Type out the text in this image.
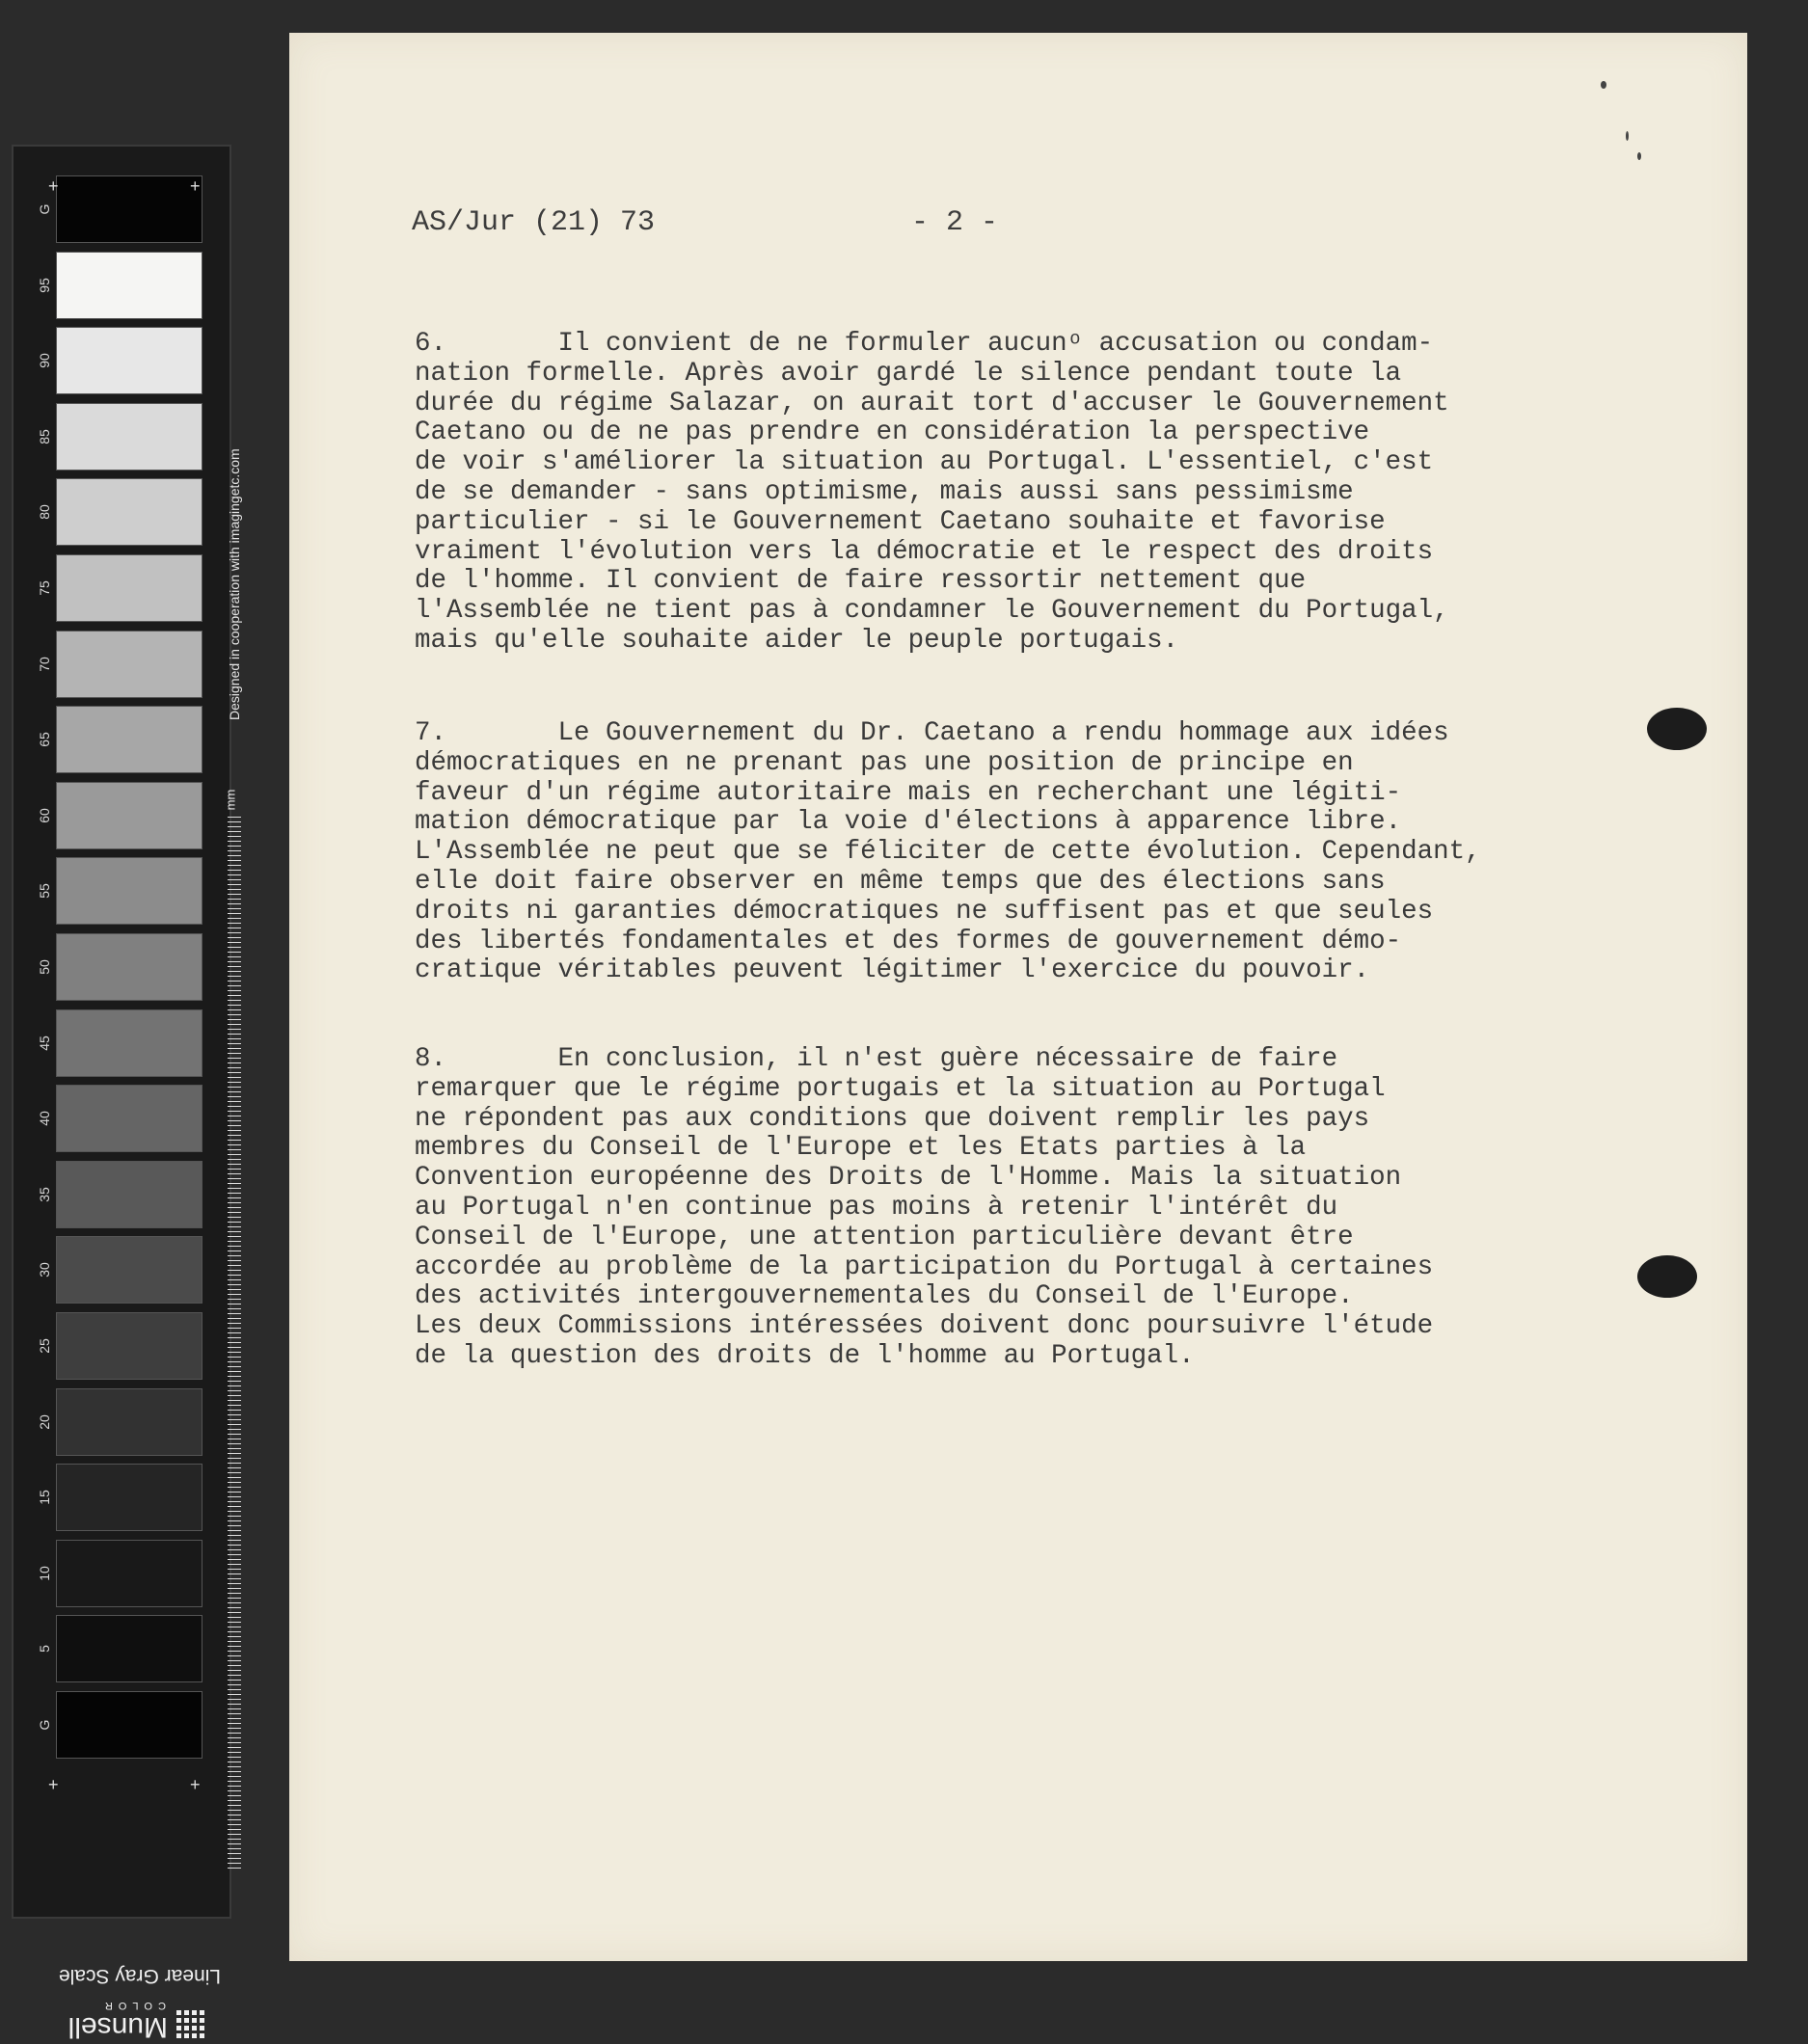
G
95
90
85
80
75
70
65
60
55
50
45
40
35
30
25
20
15
10
5
G
Designed in cooperation with imagingetc.com
mm
+	+
+	+
Linear Gray Scale
Munsell
COLOR
AS/Jur (21) 73	- 2 -
6.       Il convient de ne formuler aucunᵒ accusation ou condam-
nation formelle. Après avoir gardé le silence pendant toute la
durée du régime Salazar, on aurait tort d'accuser le Gouvernement
Caetano ou de ne pas prendre en considération la perspective
de voir s'améliorer la situation au Portugal. L'essentiel, c'est
de se demander - sans optimisme, mais aussi sans pessimisme
particulier - si le Gouvernement Caetano souhaite et favorise
vraiment l'évolution vers la démocratie et le respect des droits
de l'homme. Il convient de faire ressortir nettement que
l'Assemblée ne tient pas à condamner le Gouvernement du Portugal,
mais qu'elle souhaite aider le peuple portugais.
7.       Le Gouvernement du Dr. Caetano a rendu hommage aux idées
démocratiques en ne prenant pas une position de principe en
faveur d'un régime autoritaire mais en recherchant une légiti-
mation démocratique par la voie d'élections à apparence libre.
L'Assemblée ne peut que se féliciter de cette évolution. Cependant,
elle doit faire observer en même temps que des élections sans
droits ni garanties démocratiques ne suffisent pas et que seules
des libertés fondamentales et des formes de gouvernement démo-
cratique véritables peuvent légitimer l'exercice du pouvoir.
8.       En conclusion, il n'est guère nécessaire de faire
remarquer que le régime portugais et la situation au Portugal
ne répondent pas aux conditions que doivent remplir les pays
membres du Conseil de l'Europe et les Etats parties à la
Convention européenne des Droits de l'Homme. Mais la situation
au Portugal n'en continue pas moins à retenir l'intérêt du
Conseil de l'Europe, une attention particulière devant être
accordée au problème de la participation du Portugal à certaines
des activités intergouvernementales du Conseil de l'Europe.
Les deux Commissions intéressées doivent donc poursuivre l'étude
de la question des droits de l'homme au Portugal.
